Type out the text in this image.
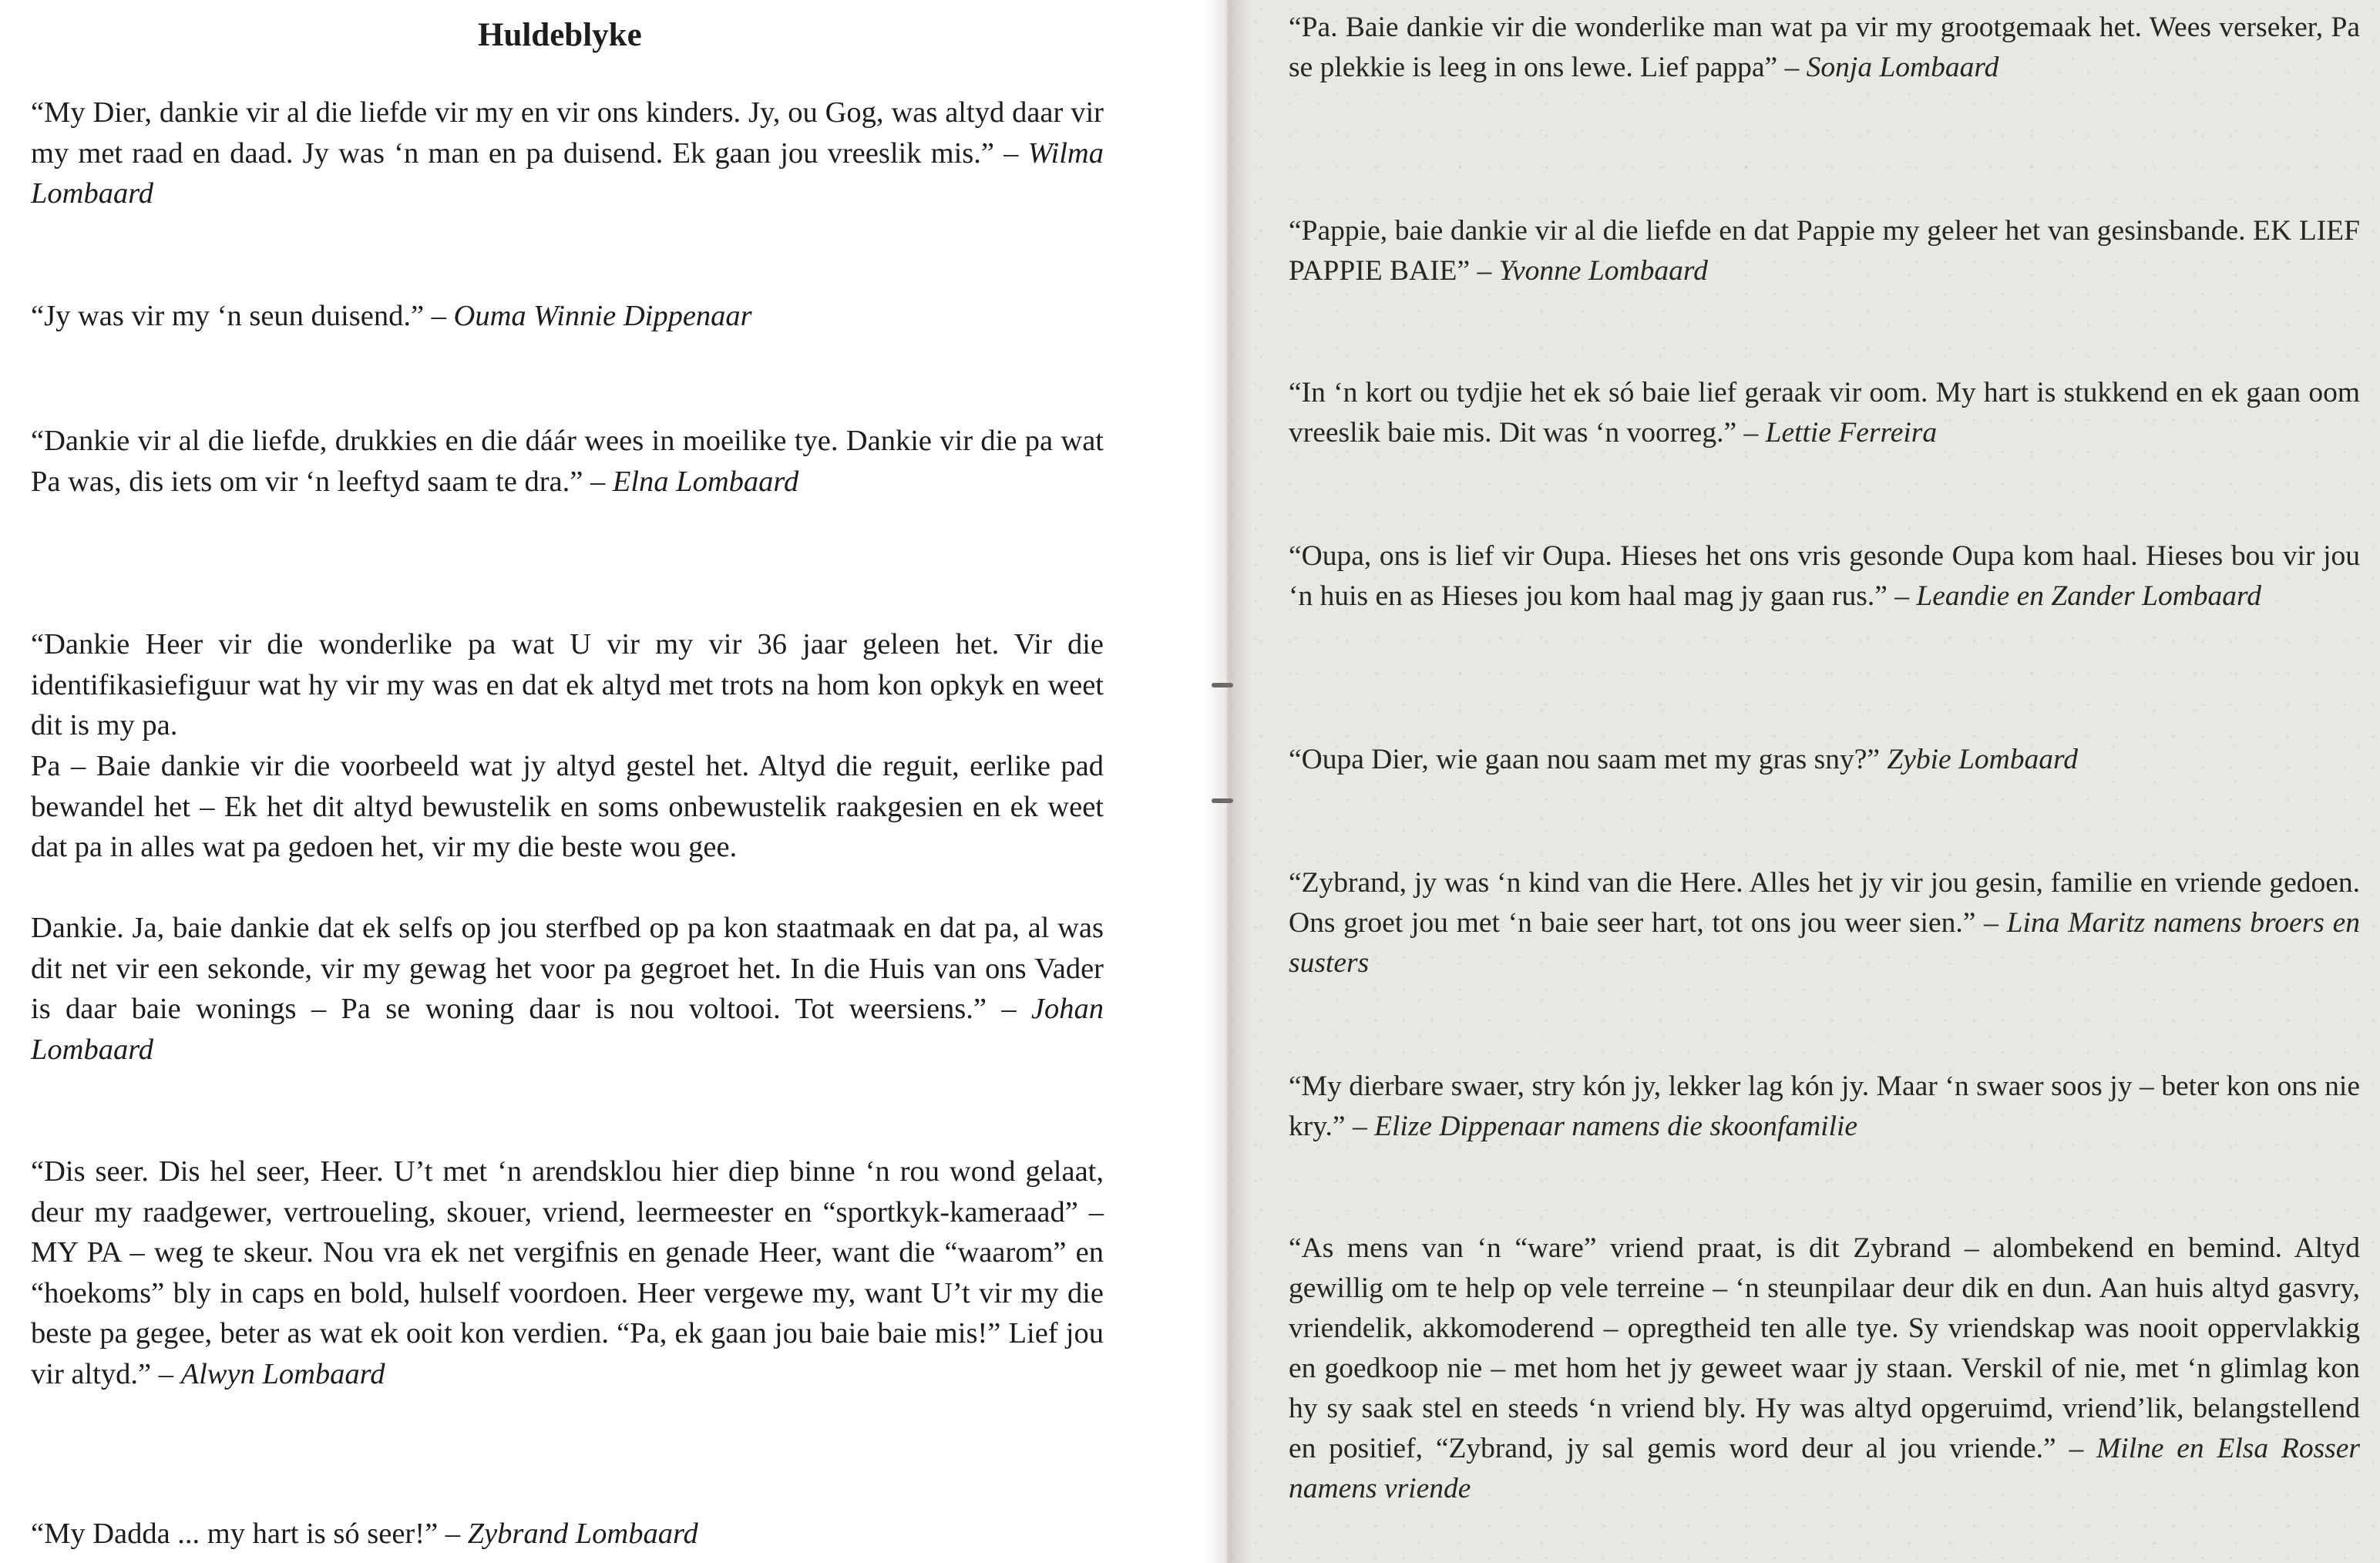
Huldeblyke

“My Dier, dankie vir al die liefde vir my en vir ons kinders. Jy, ou Gog, was altyd daar vir my met raad en daad. Jy was ‘n man en pa duisend. Ek gaan jou vreeslik mis.” – Wilma Lombaard

“Jy was vir my ‘n seun duisend.” – Ouma Winnie Dippenaar

“Dankie vir al die liefde, drukkies en die dáár wees in moeilike tye. Dankie vir die pa wat Pa was, dis iets om vir ‘n leeftyd saam te dra.” – Elna Lombaard

“Dankie Heer vir die wonderlike pa wat U vir my vir 36 jaar geleen het. Vir die identifikasiefiguur wat hy vir my was en dat ek altyd met trots na hom kon opkyk en weet dit is my pa.

Pa – Baie dankie vir die voorbeeld wat jy altyd gestel het. Altyd die reguit, eerlike pad bewandel het – Ek het dit altyd bewustelik en soms onbewustelik raakgesien en ek weet dat pa in alles wat pa gedoen het, vir my die beste wou gee.

Dankie. Ja, baie dankie dat ek selfs op jou sterfbed op pa kon staatmaak en dat pa, al was dit net vir een sekonde, vir my gewag het voor pa gegroet het. In die Huis van ons Vader is daar baie wonings – Pa se woning daar is nou voltooi. Tot weersiens.” – Johan Lombaard

“Dis seer. Dis hel seer, Heer. U’t met ‘n arendsklou hier diep binne ‘n rou wond gelaat, deur my raadgewer, vertroueling, skouer, vriend, leermeester en “sportkyk-kameraad” – MY PA – weg te skeur. Nou vra ek net vergifnis en genade Heer, want die “waarom” en “hoekoms” bly in caps en bold, hulself voordoen. Heer vergewe my, want U’t vir my die beste pa gegee, beter as wat ek ooit kon verdien. “Pa, ek gaan jou baie baie mis!” Lief jou vir altyd.” – Alwyn Lombaard

“My Dadda ... my hart is só seer!” – Zybrand Lombaard

“Pa. Baie dankie vir die wonderlike man wat pa vir my grootgemaak het. Wees verseker, Pa se plekkie is leeg in ons lewe. Lief pappa” – Sonja Lombaard

“Pappie, baie dankie vir al die liefde en dat Pappie my geleer het van gesinsbande. EK LIEF PAPPIE BAIE” – Yvonne Lombaard

“In ‘n kort ou tydjie het ek só baie lief geraak vir oom. My hart is stukkend en ek gaan oom vreeslik baie mis. Dit was ‘n voorreg.” – Lettie Ferreira

“Oupa, ons is lief vir Oupa. Hieses het ons vris gesonde Oupa kom haal. Hieses bou vir jou ‘n huis en as Hieses jou kom haal mag jy gaan rus.” – Leandie en Zander Lombaard

“Oupa Dier, wie gaan nou saam met my gras sny?” Zybie Lombaard

“Zybrand, jy was ‘n kind van die Here. Alles het jy vir jou gesin, familie en vriende gedoen. Ons groet jou met ‘n baie seer hart, tot ons jou weer sien.” – Lina Maritz namens broers en susters

“My dierbare swaer, stry kón jy, lekker lag kón jy. Maar ‘n swaer soos jy – beter kon ons nie kry.” – Elize Dippenaar namens die skoonfamilie

“As mens van ‘n “ware” vriend praat, is dit Zybrand – alombekend en bemind. Altyd gewillig om te help op vele terreine – ‘n steunpilaar deur dik en dun. Aan huis altyd gasvry, vriendelik, akkomoderend – opregtheid ten alle tye. Sy vriendskap was nooit oppervlakkig en goedkoop nie – met hom het jy geweet waar jy staan. Verskil of nie, met ‘n glimlag kon hy sy saak stel en steeds ‘n vriend bly. Hy was altyd opgeruimd, vriend’lik, belangstellend en positief, “Zybrand, jy sal gemis word deur al jou vriende.” – Milne en Elsa Rosser namens vriende
